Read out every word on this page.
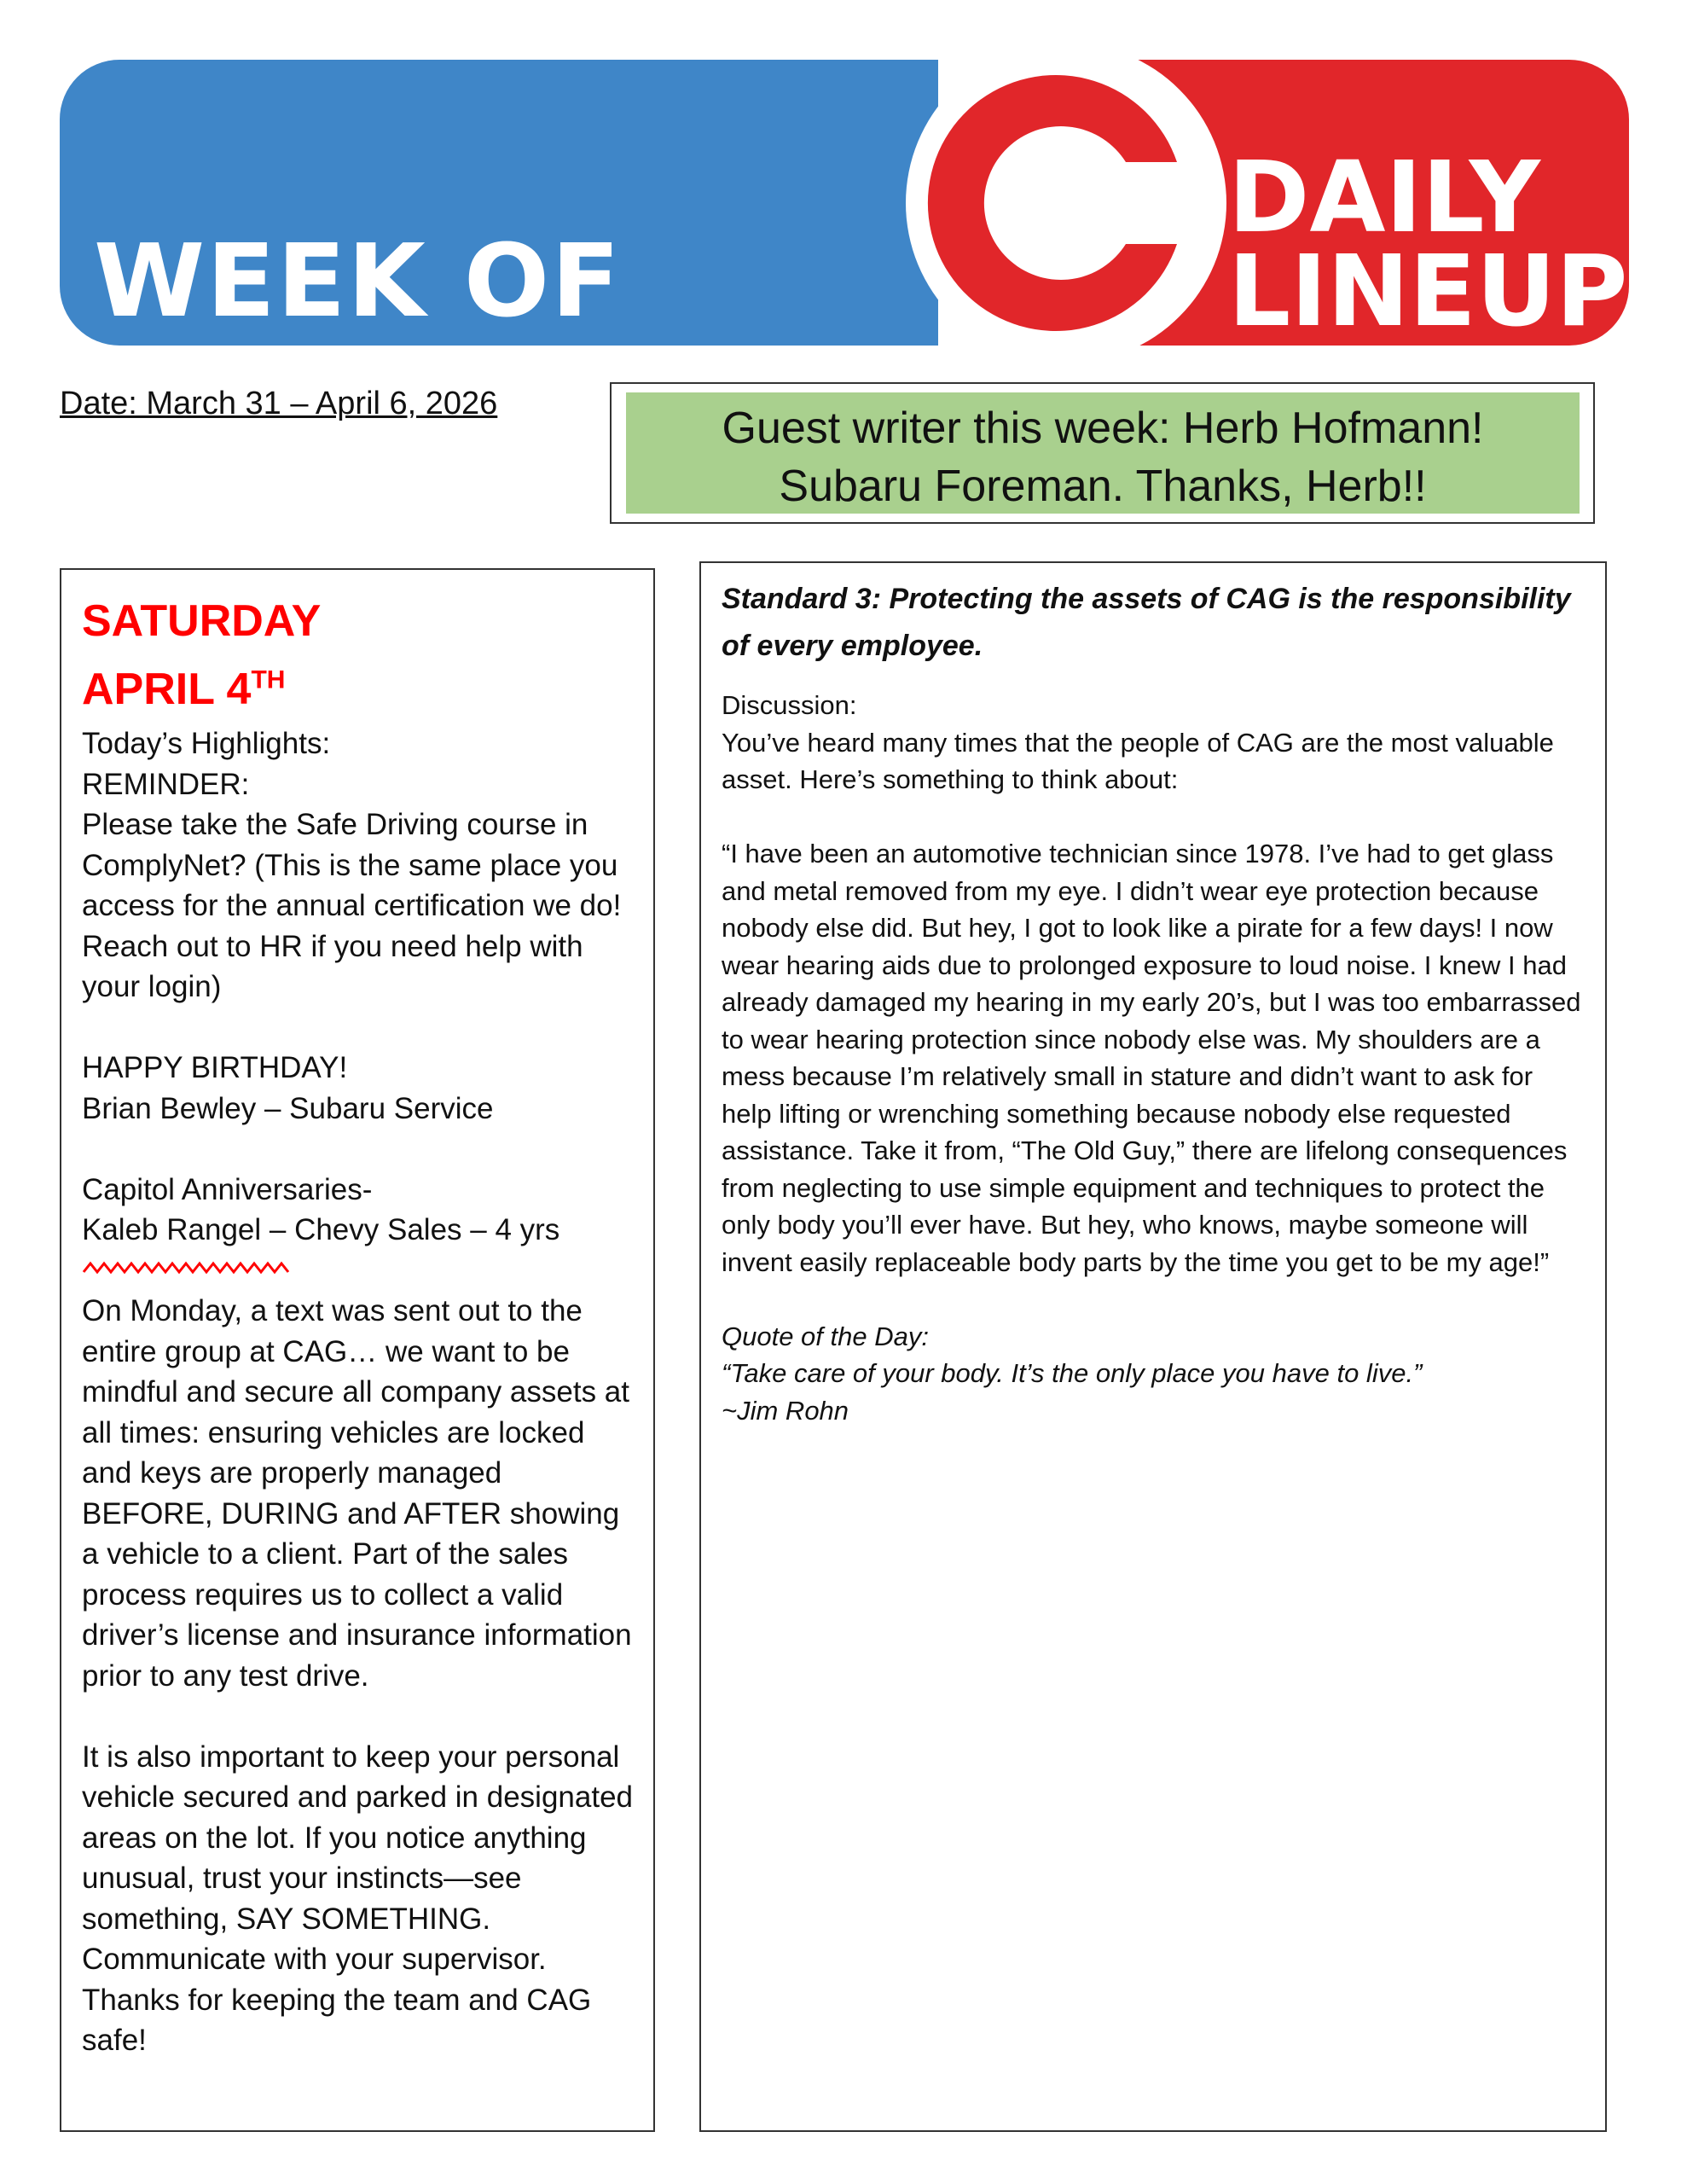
WEEK OF
DAILY
LINEUP
Date: March 31 – April 6, 2026	Guest writer this week: Herb Hofmann!
Subaru Foreman. Thanks, Herb!!
SATURDAY
APRIL 4TH

Today’s Highlights:

REMINDER:

Please take the Safe Driving course in ComplyNet? (This is the same place you access for the annual certification we do! Reach out to HR if you need help with your login)

HAPPY BIRTHDAY!

Brian Bewley – Subaru Service

Capitol Anniversaries-

Kaleb Rangel – Chevy Sales – 4 yrs

On Monday, a text was sent out to the entire group at CAG… we want to be mindful and secure all company assets at all times: ensuring vehicles are locked and keys are properly managed BEFORE, DURING and AFTER showing a vehicle to a client. Part of the sales process requires us to collect a valid driver’s license and insurance information prior to any test drive.

It is also important to keep your personal vehicle secured and parked in designated areas on the lot. If you notice anything unusual, trust your instincts—see something, SAY SOMETHING. Communicate with your supervisor. Thanks for keeping the team and CAG safe!

Standard 3: Protecting the assets of CAG is the responsibility of every employee.

Discussion:

You’ve heard many times that the people of CAG are the most valuable asset. Here’s something to think about:

“I have been an automotive technician since 1978. I’ve had to get glass and metal removed from my eye. I didn’t wear eye protection because nobody else did. But hey, I got to look like a pirate for a few days! I now wear hearing aids due to prolonged exposure to loud noise. I knew I had already damaged my hearing in my early 20’s, but I was too embarrassed to wear hearing protection since nobody else was. My shoulders are a mess because I’m relatively small in stature and didn’t want to ask for help lifting or wrenching something because nobody else requested assistance. Take it from, “The Old Guy,” there are lifelong consequences from neglecting to use simple equipment and techniques to protect the only body you’ll ever have. But hey, who knows, maybe someone will invent easily replaceable body parts by the time you get to be my age!”

Quote of the Day:

“Take care of your body. It’s the only place you have to live.”

~Jim Rohn
